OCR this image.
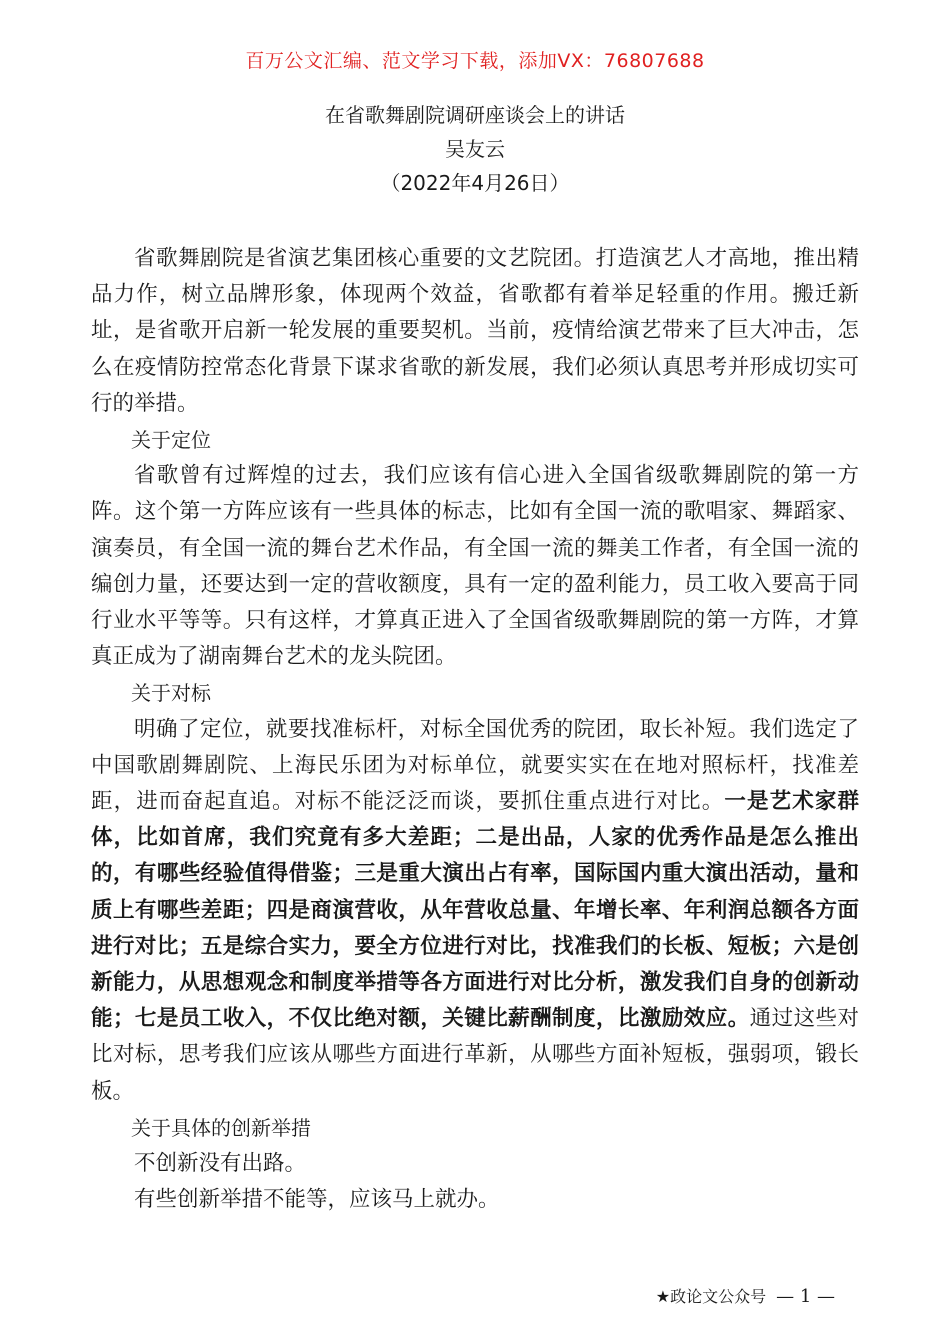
百万公文汇编、范文学习下载，添加VX：76807688
在省歌舞剧院调研座谈会上的讲话
吴友云
（2022年4月26日）

省歌舞剧院是省演艺集团核心重要的文艺院团。打造演艺人才高地，推出精品力作，树立品牌形象，体现两个效益，省歌都有着举足轻重的作用。搬迁新址，是省歌开启新一轮发展的重要契机。当前，疫情给演艺带来了巨大冲击，怎么在疫情防控常态化背景下谋求省歌的新发展，我们必须认真思考并形成切实可行的举措。

关于定位

省歌曾有过辉煌的过去，我们应该有信心进入全国省级歌舞剧院的第一方阵。这个第一方阵应该有一些具体的标志，比如有全国一流的歌唱家、舞蹈家、演奏员，有全国一流的舞台艺术作品，有全国一流的舞美工作者，有全国一流的编创力量，还要达到一定的营收额度，具有一定的盈利能力，员工收入要高于同行业水平等等。只有这样，才算真正进入了全国省级歌舞剧院的第一方阵，才算真正成为了湖南舞台艺术的龙头院团。

关于对标

明确了定位，就要找准标杆，对标全国优秀的院团，取长补短。我们选定了中国歌剧舞剧院、上海民乐团为对标单位，就要实实在在地对照标杆，找准差距，进而奋起直追。对标不能泛泛而谈，要抓住重点进行对比。一是艺术家群体，比如首席，我们究竟有多大差距；二是出品，人家的优秀作品是怎么推出的，有哪些经验值得借鉴；三是重大演出占有率，国际国内重大演出活动，量和质上有哪些差距；四是商演营收，从年营收总量、年增长率、年利润总额各方面进行对比；五是综合实力，要全方位进行对比，找准我们的长板、短板；六是创新能力，从思想观念和制度举措等各方面进行对比分析，激发我们自身的创新动能；七是员工收入，不仅比绝对额，关键比薪酬制度，比激励效应。通过这些对比对标，思考我们应该从哪些方面进行革新，从哪些方面补短板，强弱项，锻长板。

关于具体的创新举措

不创新没有出路。

有些创新举措不能等，应该马上就办。

★政论文公众号 — 1 —
